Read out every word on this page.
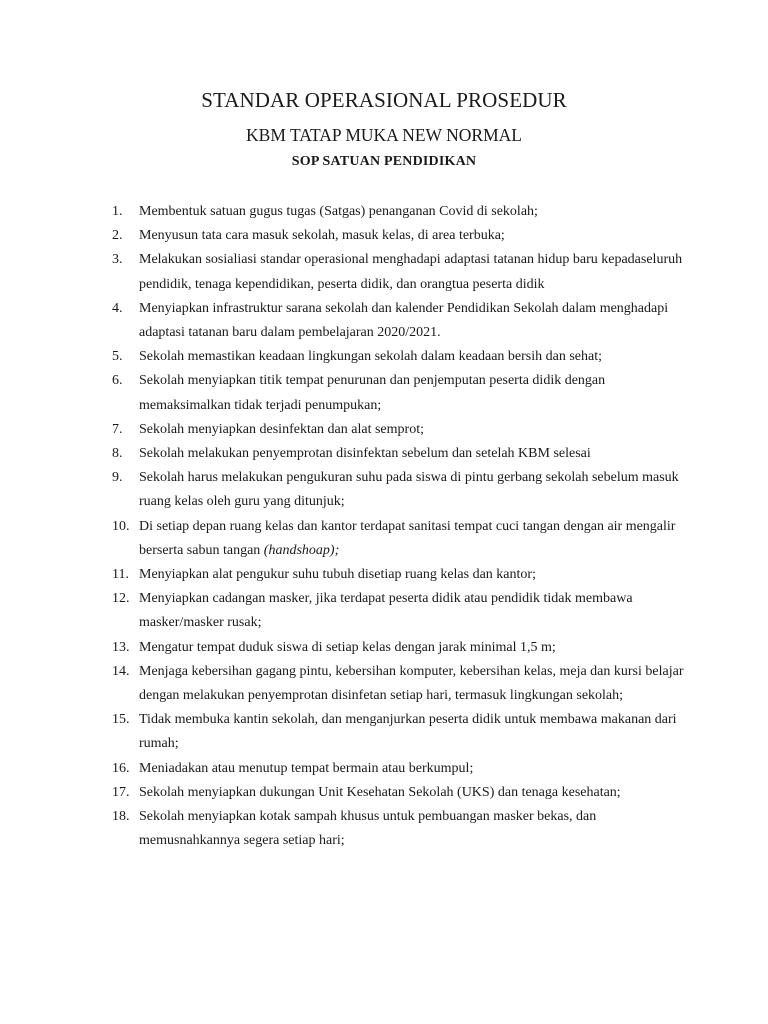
STANDAR OPERASIONAL PROSEDUR
KBM TATAP MUKA NEW NORMAL
SOP SATUAN PENDIDIKAN
1.	Membentuk satuan gugus tugas (Satgas) penanganan Covid di sekolah;
2.	Menyusun tata cara masuk sekolah, masuk kelas, di area terbuka;
3.	Melakukan sosialiasi standar operasional menghadapi adaptasi tatanan hidup baru kepadaseluruh pendidik, tenaga kependidikan, peserta didik, dan orangtua peserta didik
4.	Menyiapkan infrastruktur sarana sekolah dan kalender Pendidikan Sekolah dalam menghadapi adaptasi tatanan baru dalam pembelajaran 2020/2021.
5.	Sekolah memastikan keadaan lingkungan sekolah dalam keadaan bersih dan sehat;
6.	Sekolah menyiapkan titik tempat penurunan dan penjemputan peserta didik dengan memaksimalkan tidak terjadi penumpukan;
7.	Sekolah menyiapkan desinfektan dan alat semprot;
8.	Sekolah melakukan penyemprotan disinfektan sebelum dan setelah KBM selesai
9.	Sekolah harus melakukan pengukuran suhu pada siswa di pintu gerbang sekolah sebelum masuk ruang kelas oleh guru yang ditunjuk;
10. Di setiap depan ruang kelas dan kantor terdapat sanitasi tempat cuci tangan dengan air mengalir berserta sabun tangan (handshoap);
11. Menyiapkan alat pengukur suhu tubuh disetiap ruang kelas dan kantor;
12. Menyiapkan cadangan masker, jika terdapat peserta didik atau pendidik tidak membawa masker/masker rusak;
13. Mengatur tempat duduk siswa di setiap kelas dengan jarak minimal 1,5 m;
14. Menjaga kebersihan gagang pintu, kebersihan komputer, kebersihan kelas, meja dan kursi belajar dengan melakukan penyemprotan disinfetan setiap hari, termasuk lingkungan sekolah;
15. Tidak membuka kantin sekolah, dan menganjurkan peserta didik untuk membawa makanan dari rumah;
16. Meniadakan atau menutup tempat bermain atau berkumpul;
17. Sekolah menyiapkan dukungan Unit Kesehatan Sekolah (UKS) dan tenaga kesehatan;
18. Sekolah menyiapkan kotak sampah khusus untuk pembuangan masker bekas, dan memusnahkannya segera setiap hari;
